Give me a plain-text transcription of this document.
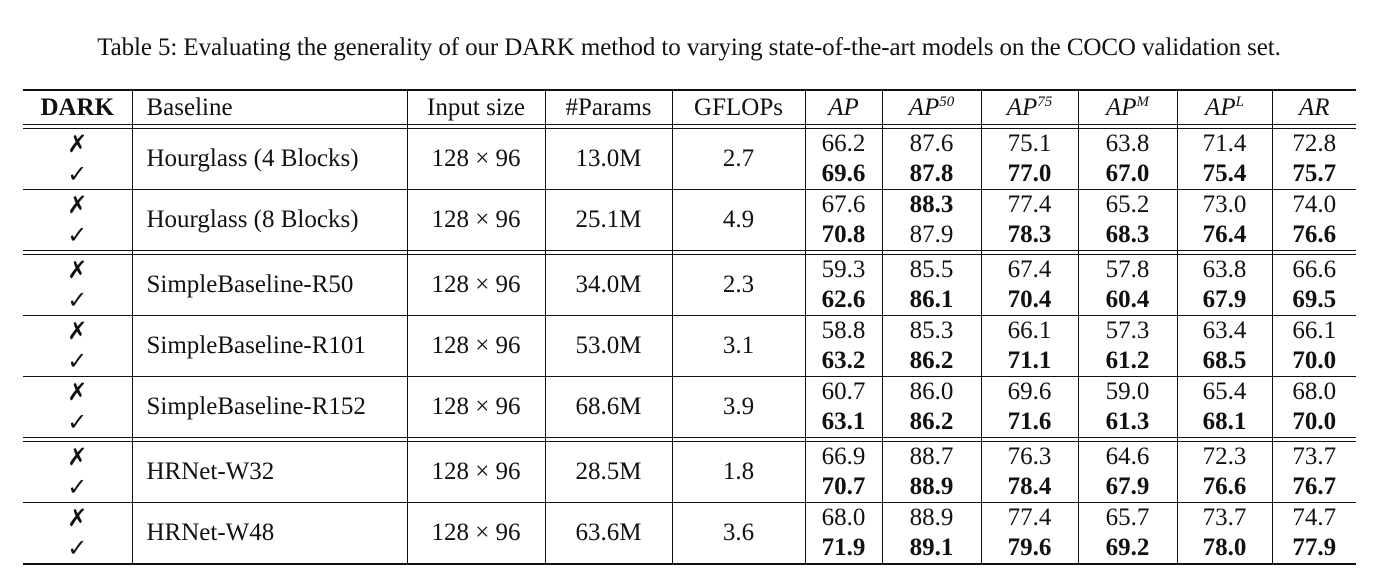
Table 5: Evaluating the generality of our DARK method to varying state-of-the-art models on the COCO validation set.
DARK	Baseline	Input size	#Params	GFLOPs	AP	AP$^{50}$	AP$^{75}$	$AP^M$	$AP^L$	AR

✗	Hourglass (4 Blocks)	128 × 96	13.0M	2.7	66.2	87.6	75.1	63.8	71.4	72.8
✓					69.6	87.8	77.0	67.0	75.4	75.7
✗	Hourglass (8 Blocks)	128 × 96	25.1M	4.9	67.6	88.3	77.4	65.2	73.0	74.0
✓					70.8	87.9	78.3	68.3	76.4	76.6

✗	SimpleBaseline-R50	128 × 96	34.0M	2.3	59.3	85.5	67.4	57.8	63.8	66.6
✓					62.6	86.1	70.4	60.4	67.9	69.5
✗	SimpleBaseline-R101	128 × 96	53.0M	3.1	58.8	85.3	66.1	57.3	63.4	66.1
✓					63.2	86.2	71.1	61.2	68.5	70.0
✗	SimpleBaseline-R152	128 × 96	68.6M	3.9	60.7	86.0	69.6	59.0	65.4	68.0
✓					63.1	86.2	71.6	61.3	68.1	70.0

✗	HRNet-W32	128 × 96	28.5M	1.8	66.9	88.7	76.3	64.6	72.3	73.7
✓					70.7	88.9	78.4	67.9	76.6	76.7
✗	HRNet-W48	128 × 96	63.6M	3.6	68.0	88.9	77.4	65.7	73.7	74.7
✓					71.9	89.1	79.6	69.2	78.0	77.9
